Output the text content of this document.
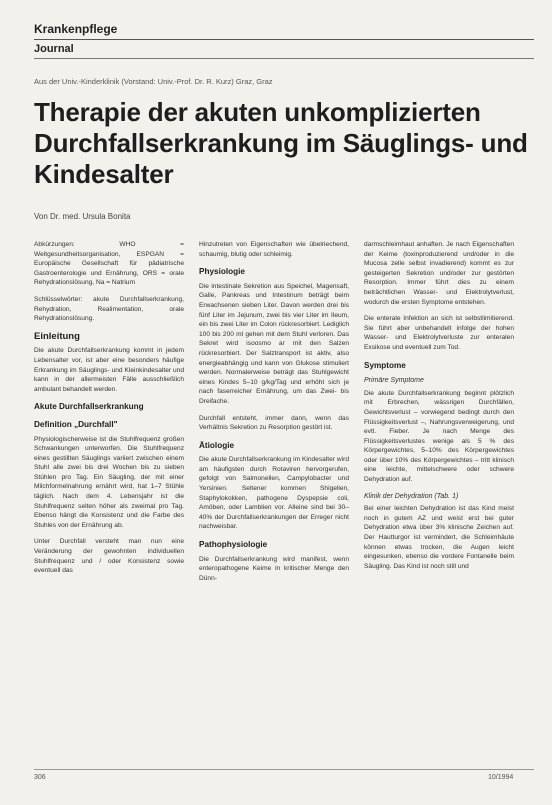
Krankenpflege
Journal
Aus der Univ.-Kinderklinik (Vorstand: Univ.-Prof. Dr. R. Kurz) Graz, Graz
Therapie der akuten unkomplizierten Durchfallserkrankung im Säuglings- und Kindesalter
Von Dr. med. Ursula Bonita

Abkürzungen: WHO = Weltgesundheitsorganisation, ESPGAN = Europäische Gesellschaft für pädiatrische Gastroenterologie und Ernährung, ORS = orale Rehydrationslösung, Na = Natrium

Schlüsselwörter: akute Durchfallserkrankung, Rehydration, Realimentation, orale Rehydrationslösung.

Einleitung

Die akute Durchfallserkrankung kommt in jedem Lebensalter vor, ist aber eine besonders häufige Erkrankung im Säuglings- und Kleinkindesalter und kann in der allermeisten Fälle ausschließlich ambulant behandelt werden.

Akute Durchfallserkrankung
Definition „Durchfall"

Physiologischerweise ist die Stuhlfrequenz großen Schwankungen unterworfen. Die Stuhlfrequenz eines gestillten Säuglings variiert zwischen einem Stuhl alle zwei bis drei Wochen bis zu sieben Stühlen pro Tag. Ein Säugling, der mit einer Milchformelnahrung ernährt wird, hat 1–7 Stühle täglich. Nach dem 4. Lebensjahr ist die Stuhlfrequenz selten höher als zweimal pro Tag. Ebenso hängt die Konsistenz und die Farbe des Stuhles von der Ernährung ab.

Unter Durchfall versteht man nun eine Veränderung der gewohnten individuellen Stuhlfrequenz und / oder Konsistenz sowie eventuell das

Hinzutreten von Eigenschaften wie übelriechend, schaumig, blutig oder schleimig.

Physiologie

Die intestinale Sekretion aus Speichel, Magensaft, Galle, Pankreas und Intestinum beträgt beim Erwachsenen sieben Liter. Davon werden drei bis fünf Liter im Jejunum, zwei bis vier Liter im Ileum, ein bis zwei Liter im Colon rückresorbiert. Lediglich 100 bis 200 ml gehen mit dem Stuhl verloren. Das Sekret wird isoosmo ar mit den Salzen rückresorbiert. Der Salztransport ist aktiv, also energieabhängig und kann von Glukose stimuliert werden. Normalerweise beträgt das Stuhlgewicht eines Kindes 5–10 g/kg/Tag und erhöht sich je nach faserreicher Ernährung, um das Zwei- bis Dreifache.

Durchfall entsteht, immer dann, wenn das Verhältnis Sekretion zu Resorption gestört ist.

Ätiologie

Die akute Durchfallserkrankung im Kindesalter wird am häufigsten durch Rotaviren hervorgerufen, gefolgt von Salmonellen, Campylobacter und Yersinien. Seltener kommen Shigellen, Staphylokokken, pathogene Dyspepsie coli, Amöben, oder Lamblien vor. Alleine sind bei 30–40% der Durchfallserkrankungen der Erreger nicht nachweisbar.

Pathophysiologie

Die Durchfallserkrankung wird manifest, wenn enteropathogene Keime in kritischer Menge den Dünn-

darmschleimhaut anhaften. Je nach Eigenschaften der Keime (toxinproduzierend und/oder in die Mucosa zelle selbst invadierend) kommt es zur gesteigerten Sekretion und/oder zur gestörten Resorption. Immer führt dies zu einem beträchtlichen Wasser- und Elektrolytverlust, wodurch die ersten Symptome entstehen.

Die enterale Infektion an sich ist selbstlimitierend. Sie führt aber unbehandelt infolge der hohen Wasser- und Elektrolytverluste zur enteralen Exsikose und eventuell zum Tod.

Symptome
Primäre Symptome

Die akute Durchfallserkrankung beginnt plötzlich mit Erbrechen, wässrigen Durchfällen, Gewichtsverlust – vorwiegend bedingt durch den Flüssigkeitsverlust –, Nahrungsverweigerung, und evtl. Fieber. Je nach Menge des Flüssigkeitsverlustes wenige als 5 % des Körpergewichtes, 5–10% des Körpergewichtes oder über 10% des Körpergewichtes – tritt klinisch eine leichte, mittelschwere oder schwere Dehydration auf.

Klinik der Dehydration (Tab. 1)

Bei einer leichten Dehydration ist das Kind meist noch in gutem AZ und weist erst bei guter Dehydration etwa über 3% klinische Zeichen auf. Der Hautturgor ist vermindert, die Schleimhäute können etwas trocken, die Augen leicht eingesunken, ebenso die vordere Fontanelle beim Säugling. Das Kind ist noch still und

306	10/1994
